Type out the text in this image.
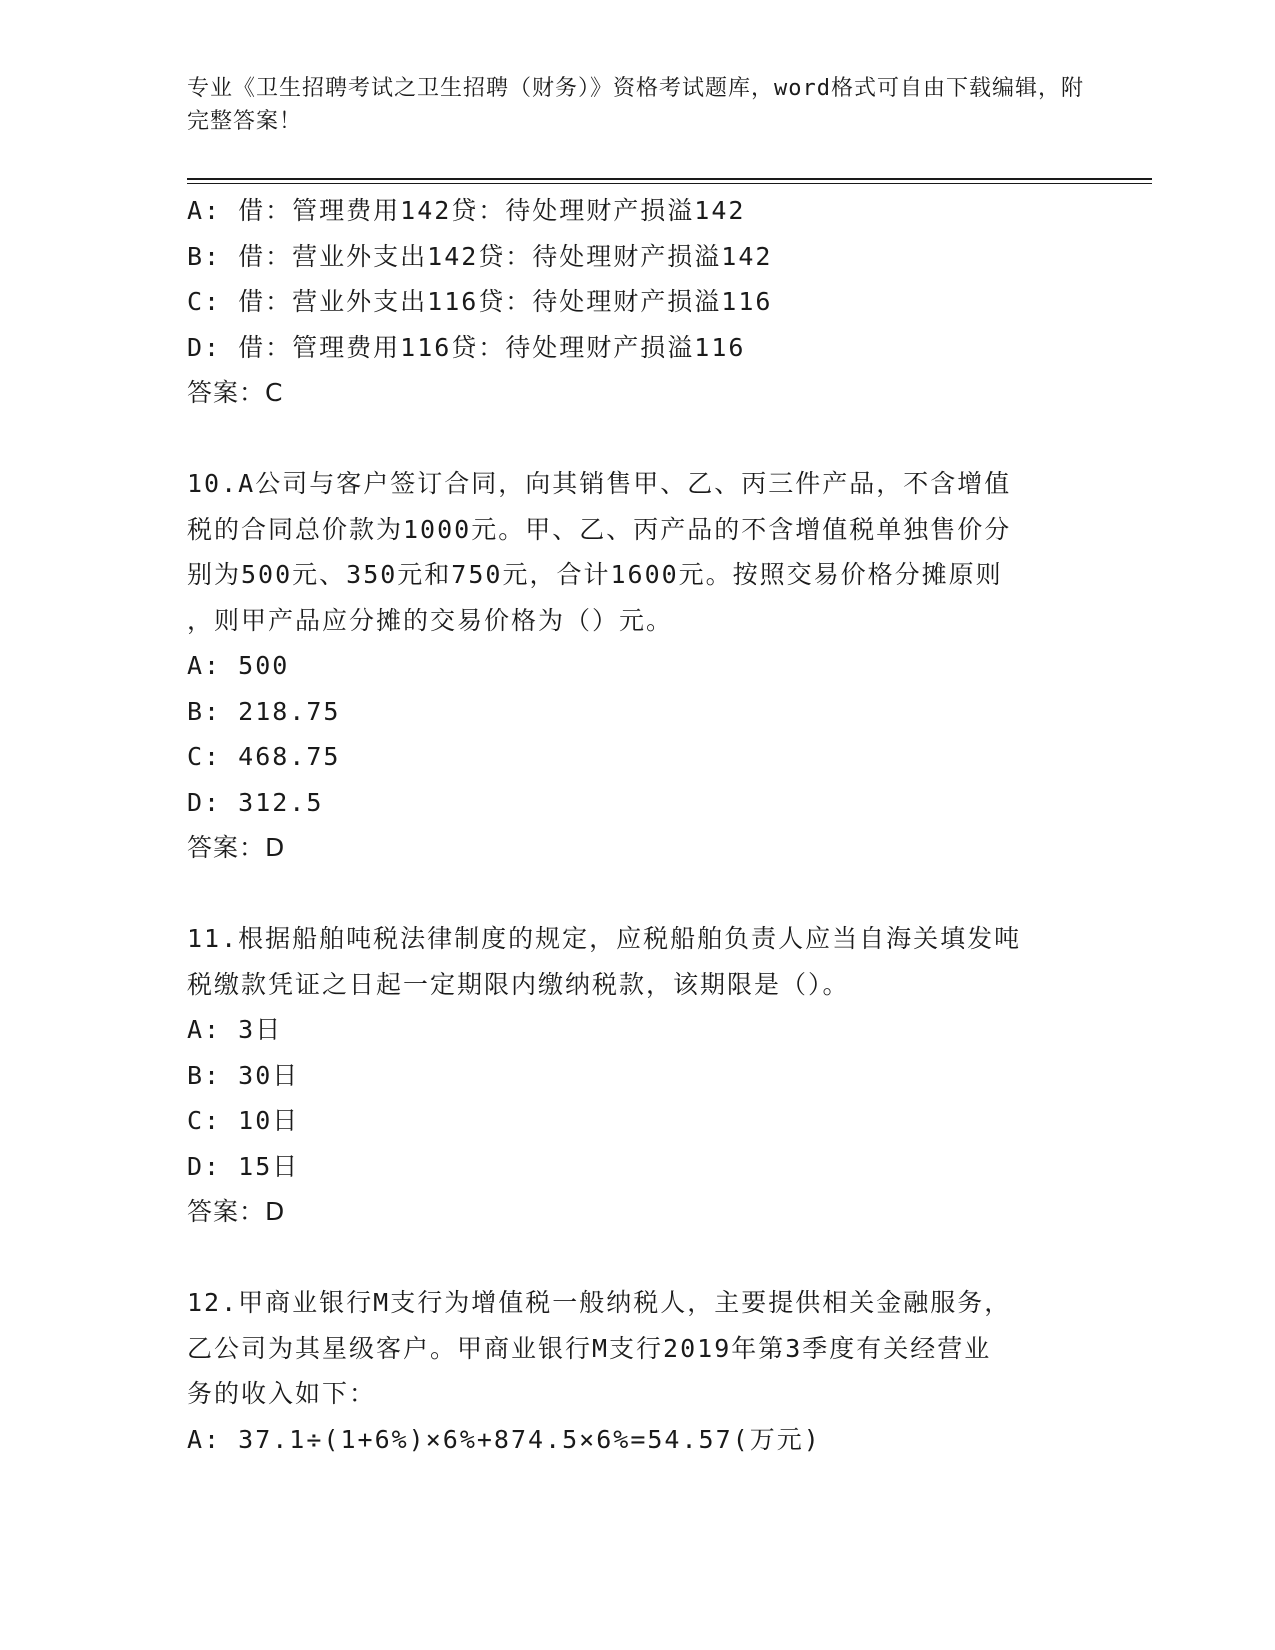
专业《卫生招聘考试之卫生招聘（财务）》资格考试题库，word格式可自由下载编辑，附完整答案！
A: 借：管理费用142贷：待处理财产损溢142
B: 借：营业外支出142贷：待处理财产损溢142
C: 借：营业外支出116贷：待处理财产损溢116
D: 借：管理费用116贷：待处理财产损溢116
答案：C
10.A公司与客户签订合同，向其销售甲、乙、丙三件产品，不含增值
税的合同总价款为1000元。甲、乙、丙产品的不含增值税单独售价分
别为500元、350元和750元，合计1600元。按照交易价格分摊原则
，则甲产品应分摊的交易价格为（）元。
A: 500
B: 218.75
C: 468.75
D: 312.5
答案：D
11.根据船舶吨税法律制度的规定，应税船舶负责人应当自海关填发吨
税缴款凭证之日起一定期限内缴纳税款，该期限是（）。
A: 3日
B: 30日
C: 10日
D: 15日
答案：D
12.甲商业银行M支行为增值税一般纳税人，主要提供相关金融服务，
乙公司为其星级客户。甲商业银行M支行2019年第3季度有关经营业
务的收入如下：
A: 37.1÷(1+6%)×6%+874.5×6%=54.57(万元)
